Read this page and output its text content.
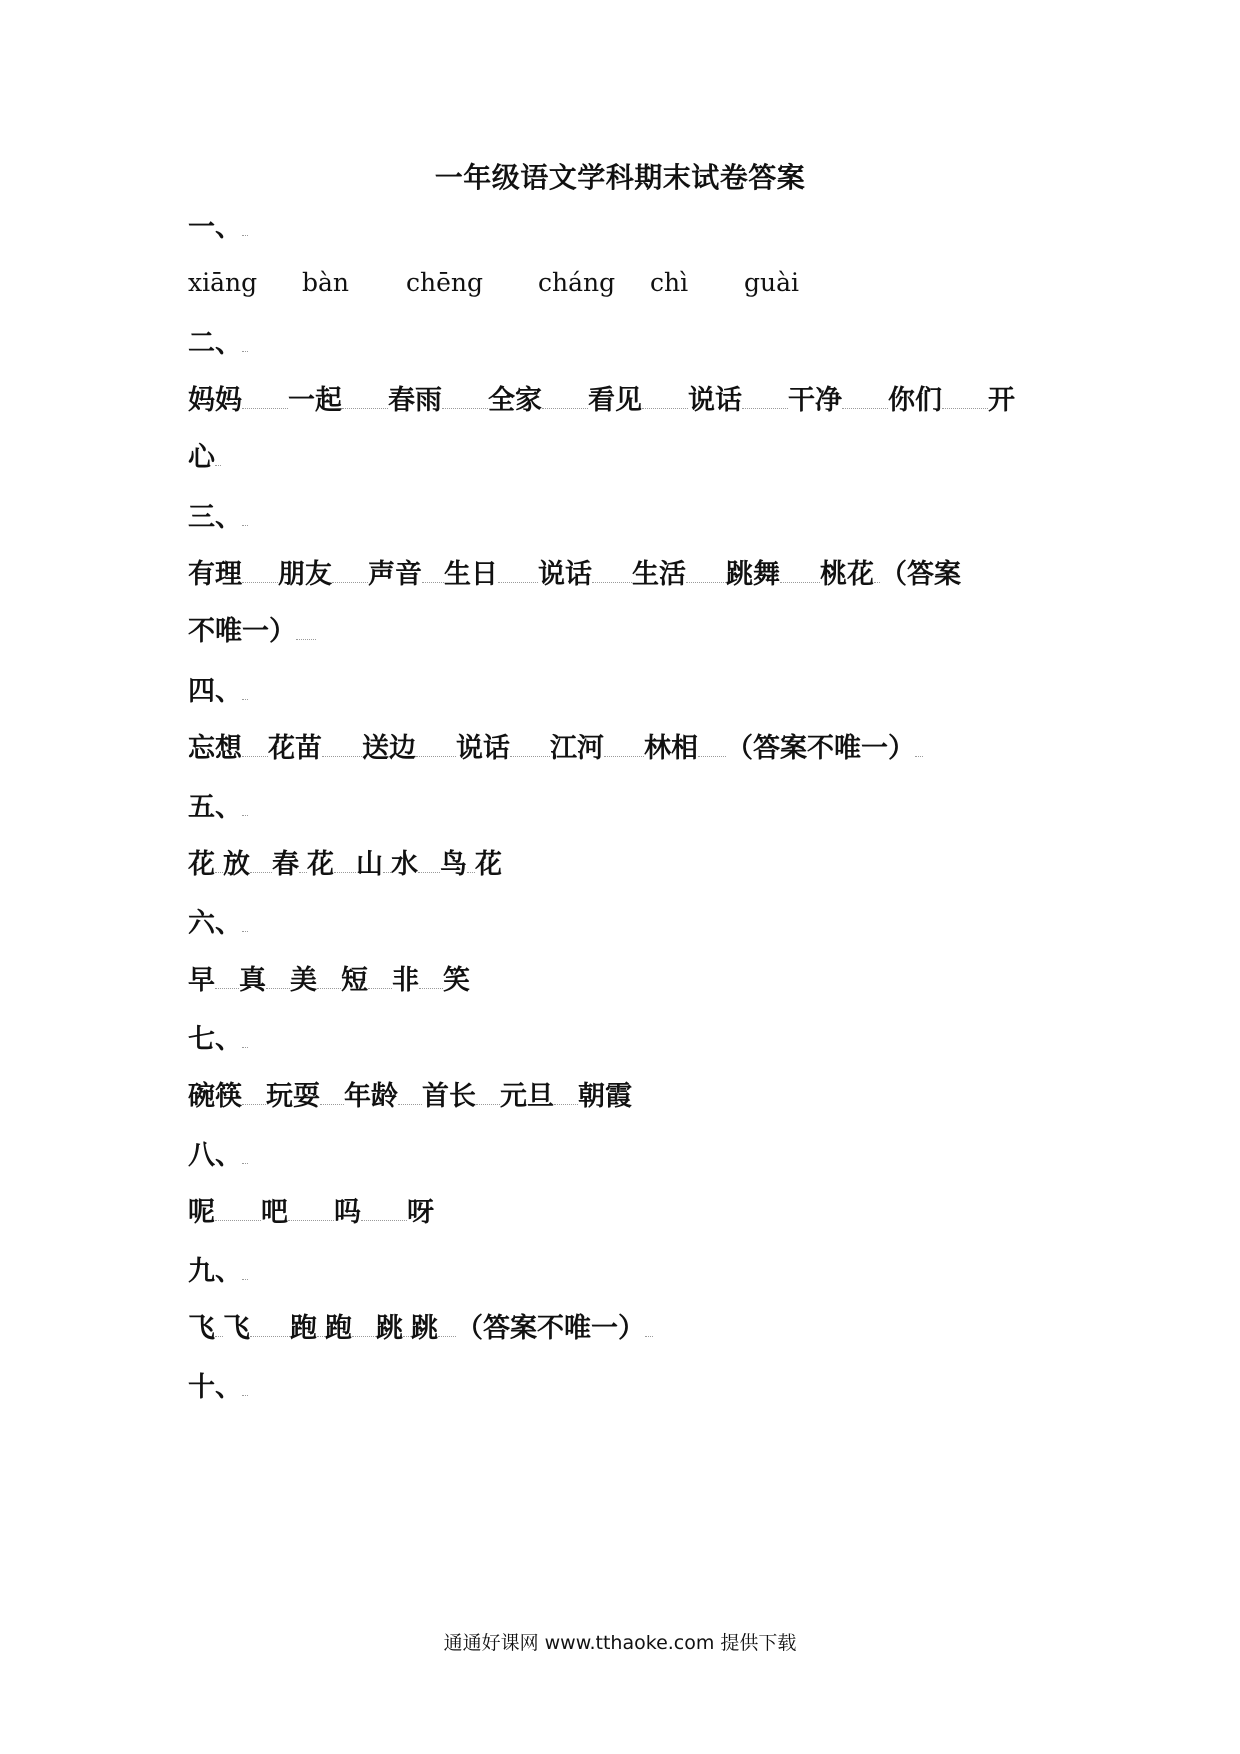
一年级语文学科期末试卷答案
一、
xiāng bàn chēng cháng chì guài
二、
妈妈 一起 春雨 全家 看见 说话 干净 你们 开
心
三、
有理 朋友 声音 生日 说话 生活 跳舞 桃花 （答案
不唯一）
四、
忘想 花苗 送边 说话 江河 林相 （答案不唯一）
五、
花 放 春 花 山 水 鸟 花
六、
早 真 美 短 非 笑
七、
碗筷 玩耍 年龄 首长 元旦 朝霞
八、
呢 吧 吗 呀
九、
飞 飞 跑 跑 跳 跳 （答案不唯一）
十、
通通好课网 www.tthaoke.com 提供下载
